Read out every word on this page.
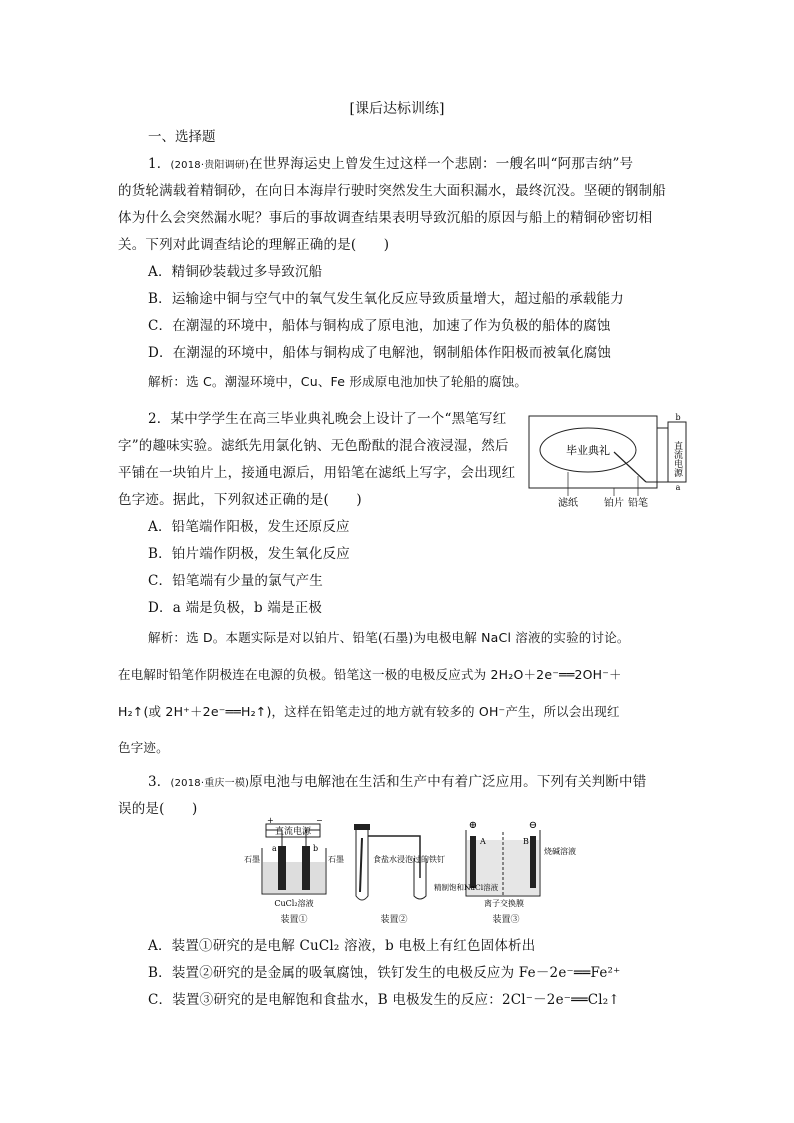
[课后达标训练]
一、选择题
1．(2018·贵阳调研)在世界海运史上曾发生过这样一个悲剧：一艘名叫“阿那吉纳”号
的货轮满载着精铜砂，在向日本海岸行驶时突然发生大面积漏水，最终沉没。坚硬的钢制船
体为什么会突然漏水呢？事后的事故调查结果表明导致沉船的原因与船上的精铜砂密切相
关。下列对此调查结论的理解正确的是(　　)
A．精铜砂装载过多导致沉船
B．运输途中铜与空气中的氧气发生氧化反应导致质量增大，超过船的承载能力
C．在潮湿的环境中，船体与铜构成了原电池，加速了作为负极的船体的腐蚀
D．在潮湿的环境中，船体与铜构成了电解池，钢制船体作阳极而被氧化腐蚀
解析：选 C。潮湿环境中，Cu、Fe 形成原电池加快了轮船的腐蚀。
2．某中学学生在高三毕业典礼晚会上设计了一个“黑笔写红
字”的趣味实验。滤纸先用氯化钠、无色酚酞的混合液浸湿，然后
平铺在一块铂片上，接通电源后，用铅笔在滤纸上写字，会出现红
色字迹。据此，下列叙述正确的是(　　)
A．铅笔端作阳极，发生还原反应
B．铂片端作阴极，发生氧化反应
C．铅笔端有少量的氯气产生
D．a 端是负极，b 端是正极
解析：选 D。本题实际是对以铂片、铅笔(石墨)为电极电解 NaCl 溶液的实验的讨论。
在电解时铅笔作阴极连在电源的负极。铅笔这一极的电极反应式为 2H₂O＋2e⁻══2OH⁻＋
H₂↑(或 2H⁺＋2e⁻══H₂↑)，这样在铅笔走过的地方就有较多的 OH⁻产生，所以会出现红
色字迹。
毕业典礼
b
a
直流电源
滤纸	铂片 铅笔
3．(2018·重庆一模)原电池与电解池在生活和生产中有着广泛应用。下列有关判断中错
误的是(　　)
直流电源
+	−
a	b
石墨	石墨
CuCl₂溶液
装置①
食盐水浸泡过的铁钉
装置②
⊕	⊖
A	B
烧碱溶液
精制饱和NaCl溶液
离子交换膜
装置③
A．装置①研究的是电解 CuCl₂ 溶液，b 电极上有红色固体析出
B．装置②研究的是金属的吸氧腐蚀，铁钉发生的电极反应为 Fe－2e⁻══Fe²⁺
C．装置③研究的是电解饱和食盐水，B 电极发生的反应：2Cl⁻－2e⁻══Cl₂↑
